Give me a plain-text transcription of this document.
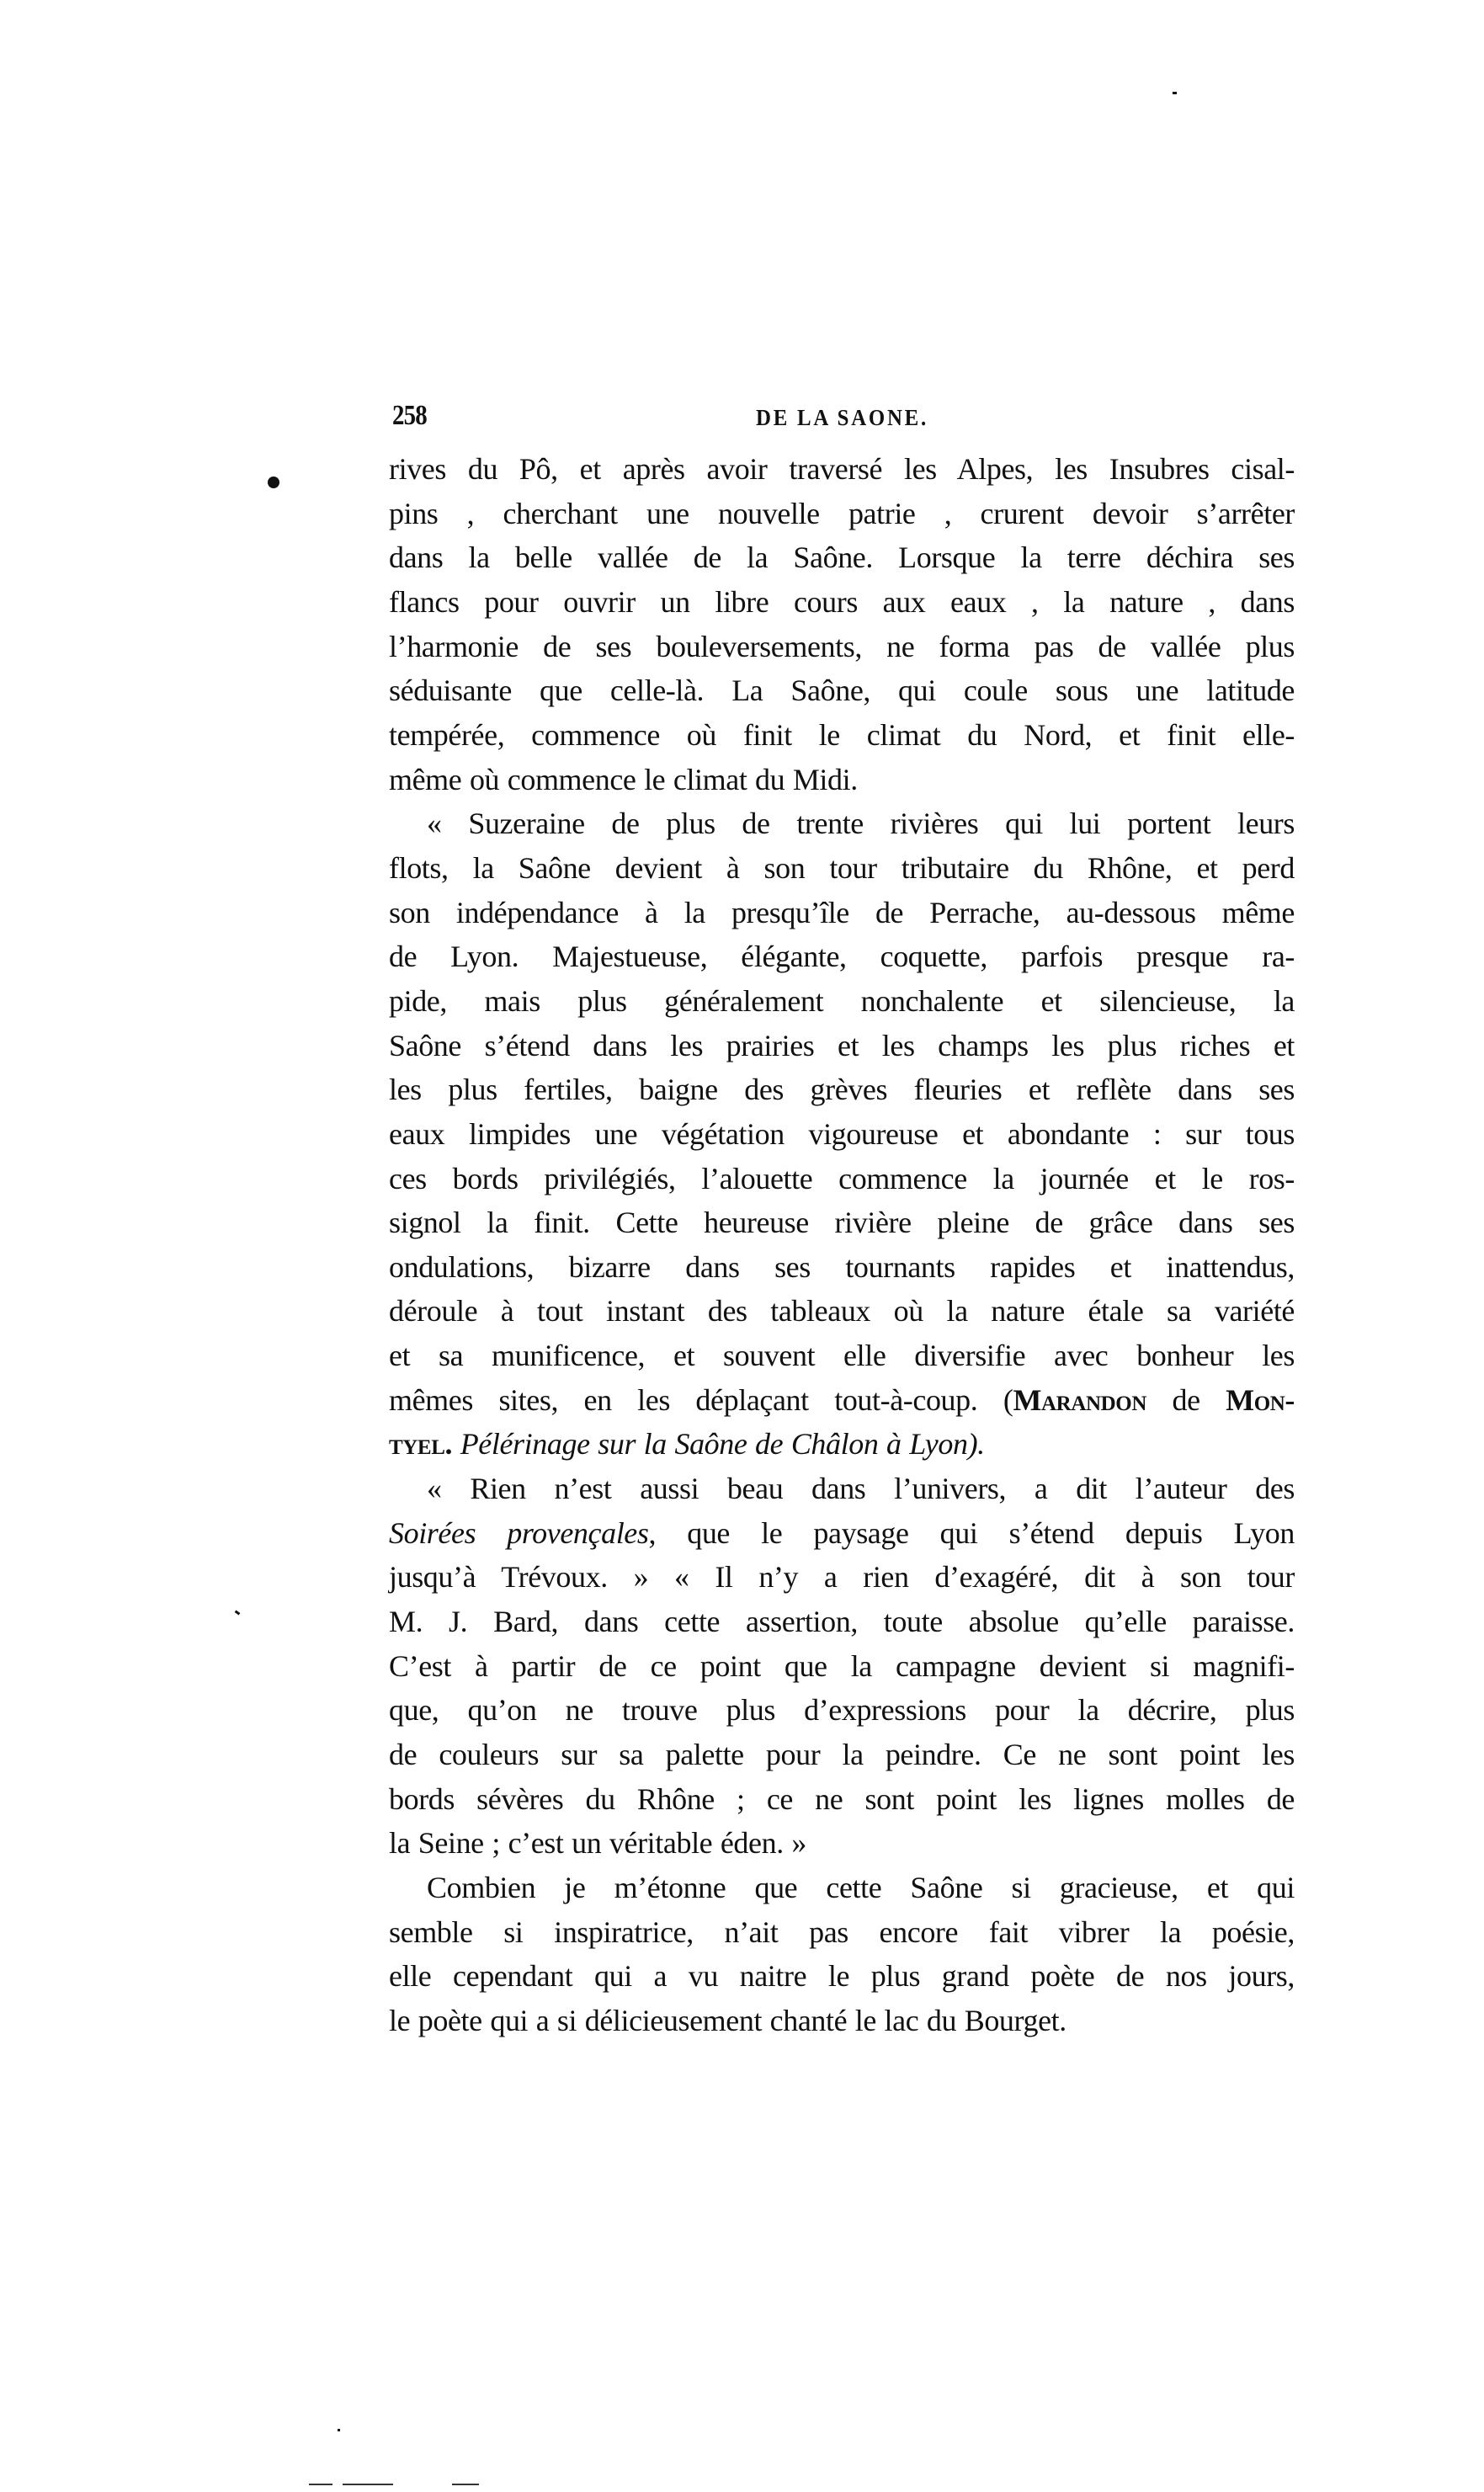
258	DE LA SAONE.
rives du Pô, et après avoir traversé les Alpes, les Insubres cisal-
pins , cherchant une nouvelle patrie , crurent devoir s’arrêter
dans la belle vallée de la Saône. Lorsque la terre déchira ses
flancs pour ouvrir un libre cours aux eaux , la nature , dans
l’harmonie de ses bouleversements, ne forma pas de vallée plus
séduisante que celle-là. La Saône, qui coule sous une latitude
tempérée, commence où finit le climat du Nord, et finit elle-
même où commence le climat du Midi.
« Suzeraine de plus de trente rivières qui lui portent leurs
flots, la Saône devient à son tour tributaire du Rhône, et perd
son indépendance à la presqu’île de Perrache, au-dessous même
de Lyon. Majestueuse, élégante, coquette, parfois presque ra-
pide, mais plus généralement nonchalente et silencieuse, la
Saône s’étend dans les prairies et les champs les plus riches et
les plus fertiles, baigne des grèves fleuries et reflète dans ses
eaux limpides une végétation vigoureuse et abondante : sur tous
ces bords privilégiés, l’alouette commence la journée et le ros-
signol la finit. Cette heureuse rivière pleine de grâce dans ses
ondulations, bizarre dans ses tournants rapides et inattendus,
déroule à tout instant des tableaux où la nature étale sa variété
et sa munificence, et souvent elle diversifie avec bonheur les
mêmes sites, en les déplaçant tout-à-coup. (Marandon de Mon-
tyel. Pélérinage sur la Saône de Châlon à Lyon).
« Rien n’est aussi beau dans l’univers, a dit l’auteur des
Soirées provençales, que le paysage qui s’étend depuis Lyon
jusqu’à Trévoux. » « Il n’y a rien d’exagéré, dit à son tour
M. J. Bard, dans cette assertion, toute absolue qu’elle paraisse.
C’est à partir de ce point que la campagne devient si magnifi-
que, qu’on ne trouve plus d’expressions pour la décrire, plus
de couleurs sur sa palette pour la peindre. Ce ne sont point les
bords sévères du Rhône ; ce ne sont point les lignes molles de
la Seine ; c’est un véritable éden. »
Combien je m’étonne que cette Saône si gracieuse, et qui
semble si inspiratrice, n’ait pas encore fait vibrer la poésie,
elle cependant qui a vu naitre le plus grand poète de nos jours,
le poète qui a si délicieusement chanté le lac du Bourget.
